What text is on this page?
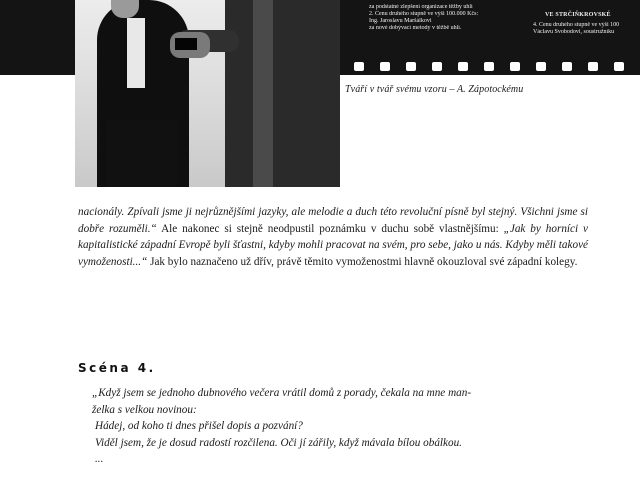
za podstatné zlepšení organizace těžby uhlí
2. Cenu druhého stupně ve výši 100.000 Kčs:
Ing. Jaroslavu Maršálkovi
za nové dobývací metody v těžbě uhlí.
VE STRČIŇKROVSKÉ
4. Cenu druhého stupně ve výši 100
Václavu Svobodovi, soustružníku
Tváří v tvář svému vzoru – A. Zápotockému

nacionály. Zpívali jsme ji nejrůznějšími jazyky, ale melodie a duch této revoluční písně byl stejný. Všichni jsme si dobře rozuměli.“ Ale nakonec si stejně neodpustil poznámku v duchu sobě vlastnějšímu: „Jak by horníci v kapitalistické západní Evropě byli šťastni, kdyby mohli pracovat na svém, pro sebe, jako u nás. Kdyby měli takové vymoženosti...“ Jak bylo naznačeno už dřív, právě těmito vymoženostmi hlavně okouzloval své západní kolegy.

Scéna 4.

„Když jsem se jednoho dubnového večera vrátil domů z porady, čekala na mne man-

želka s velkou novinou:

Hádej, od koho ti dnes přišel dopis a pozvání?

Viděl jsem, že je dosud radostí rozčilena. Oči jí zářily, když mávala bílou obálkou.

...
